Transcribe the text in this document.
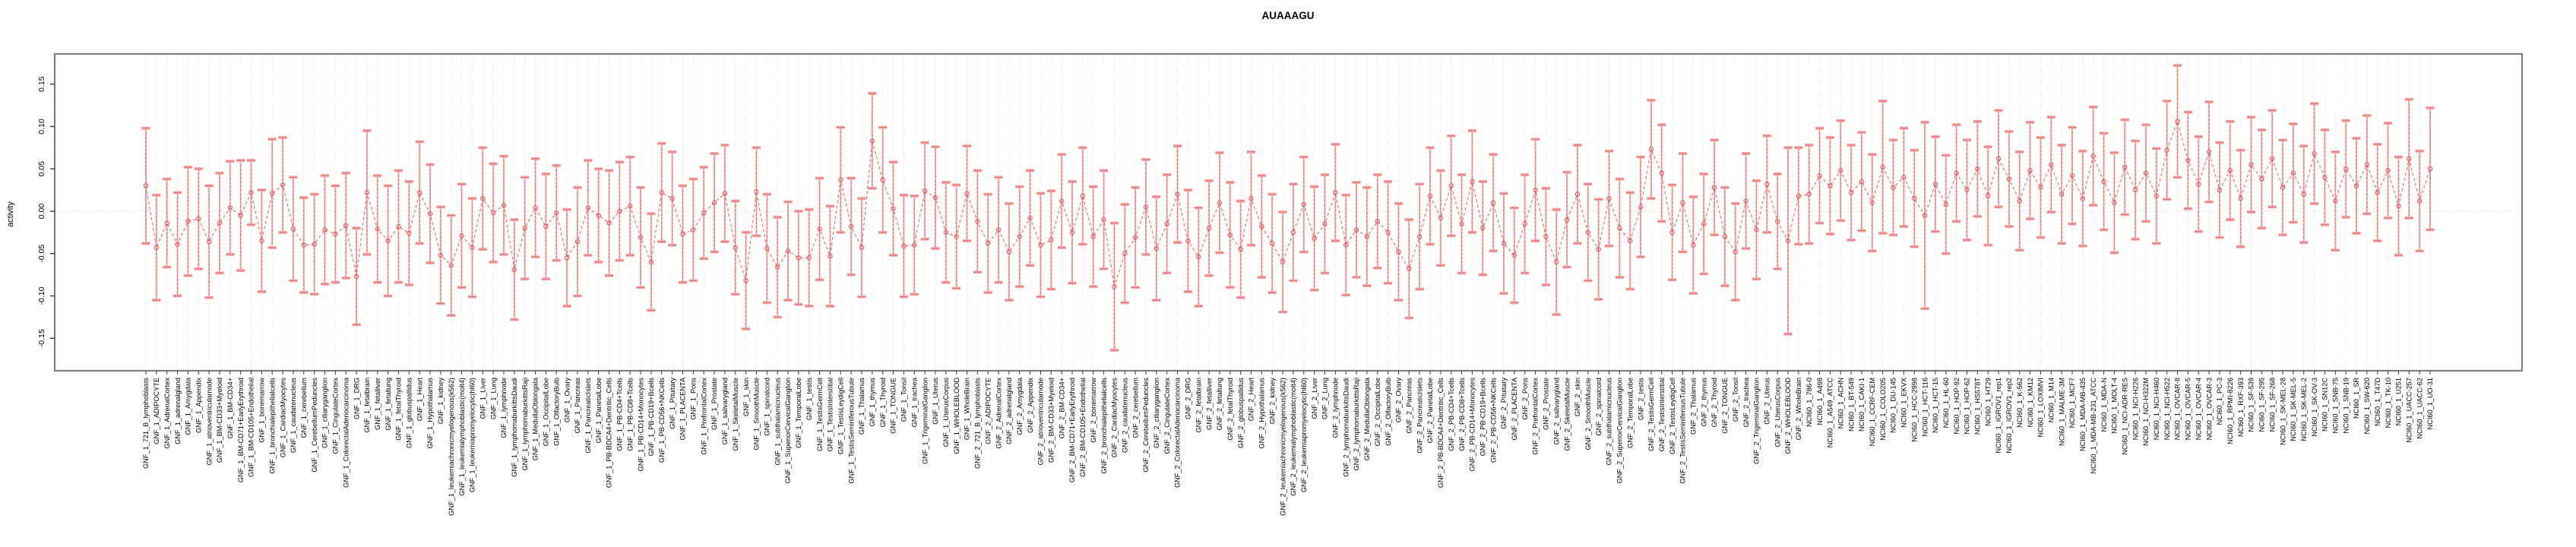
AUAAAGU
activity
-0.15
-0.10
-0.05
0.00
0.05
0.10
0.15
GNF_1_721_B_lymphoblasts GNF_1_ADIPOCYTE GNF_1_AdrenalCortex GNF_1_adrenalgland GNF_1_Amygdala GNF_1_Appendix GNF_1_atrioventricularnode GNF_1_BM-CD33+Myeloid GNF_1_BM-CD34+ GNF_1_BM-CD71+EarlyErythroid GNF_1_BM-CD105+Endothelial GNF_1_bonemarrow GNF_1_bronchialepithelialcells GNF_1_CardiacMyocytes GNF_1_caudatenucleus GNF_1_cerebellum GNF_1_CerebellumPeduncles GNF_1_ciliaryganglion GNF_1_CingulateCortex GNF_1_ColorectalAdenocarcinoma GNF_1_DRG GNF_1_fetalbrain GNF_1_fetalliver GNF_1_fetallung GNF_1_fetalThyroid GNF_1_globuspallidus GNF_1_Heart GNF_1_Hypothalamus GNF_1_kidney GNF_1_leukemiachronicmyelogenous(k562) GNF_1_leukemialymphoblastic(molt4) GNF_1_leukemiapromyelocytic(hl60) GNF_1_Liver GNF_1_Lung GNF_1_lymphnode GNF_1_lymphomaburkittsDaudi GNF_1_lymphomaburkittsRaji GNF_1_MedullaOblongata GNF_1_OccipitalLobe GNF_1_OlfactoryBulb GNF_1_Ovary GNF_1_Pancreas GNF_1_PancreaticIslets GNF_1_ParietalLobe GNF_1_PB-BDCA4+Dentritic_Cells GNF_1_PB-CD4+Tcells GNF_1_PB-CD8+Tcells GNF_1_PB-CD14+Monocytes GNF_1_PB-CD19+Bcells GNF_1_PB-CD56+NKCells GNF_1_Pituitary GNF_1_PLACENTA GNF_1_Pons GNF_1_PrefrontalCortex GNF_1_Prostate GNF_1_salivarygland GNF_1_SkeletalMuscle GNF_1_skin GNF_1_SmoothMuscle GNF_1_spinalcord GNF_1_subthalamicnucleus GNF_1_SuperiorCervicalGanglion GNF_1_TemporalLobe GNF_1_testis GNF_1_TestisGermCell GNF_1_TestisInterstitial GNF_1_TestisLeydigCell GNF_1_TestisSeminiferousTubule GNF_1_Thalamus GNF_1_thymus GNF_1_Thyroid GNF_1_TONGUE GNF_1_Tonsil GNF_1_trachea GNF_1_TrigeminalGanglion GNF_1_Uterus GNF_1_UterusCorpus GNF_1_WHOLEBLOOD GNF_1_WholeBrain GNF_2_721_B_lymphoblasts GNF_2_ADIPOCYTE GNF_2_AdrenalCortex GNF_2_adrenalgland GNF_2_Amygdala GNF_2_Appendix GNF_2_atrioventricularnode GNF_2_BM-CD33+Myeloid GNF_2_BM-CD34+ GNF_2_BM-CD71+EarlyErythroid GNF_2_BM-CD105+Endothelial GNF_2_bonemarrow GNF_2_bronchialepithelialcells GNF_2_CardiacMyocytes GNF_2_caudatenucleus GNF_2_cerebellum GNF_2_CerebellumPeduncles GNF_2_ciliaryganglion GNF_2_CingulateCortex GNF_2_ColorectalAdenocarcinoma GNF_2_DRG GNF_2_fetalbrain GNF_2_fetalliver GNF_2_fetallung GNF_2_fetalThyroid GNF_2_globuspallidus GNF_2_Heart GNF_2_Hypothalamus GNF_2_kidney GNF_2_leukemiachronicmyelogenous(k562) GNF_2_leukemialymphoblastic(molt4) GNF_2_leukemiapromyelocytic(hl60) GNF_2_Liver GNF_2_Lung GNF_2_lymphnode GNF_2_lymphomaburkittsDaudi GNF_2_lymphomaburkittsRaji GNF_2_MedullaOblongata GNF_2_OccipitalLobe GNF_2_OlfactoryBulb GNF_2_Ovary GNF_2_Pancreas GNF_2_PancreaticIslets GNF_2_ParietalLobe GNF_2_PB-BDCA4+Dentritic_Cells GNF_2_PB-CD4+Tcells GNF_2_PB-CD8+Tcells GNF_2_PB-CD14+Monocytes GNF_2_PB-CD19+Bcells GNF_2_PB-CD56+NKCells GNF_2_Pituitary GNF_2_PLACENTA GNF_2_Pons GNF_2_PrefrontalCortex GNF_2_Prostate GNF_2_salivarygland GNF_2_SkeletalMuscle GNF_2_skin GNF_2_SmoothMuscle GNF_2_spinalcord GNF_2_subthalamicnucleus GNF_2_SuperiorCervicalGanglion GNF_2_TemporalLobe GNF_2_testis GNF_2_TestisGermCell GNF_2_TestisInterstitial GNF_2_TestisLeydigCell GNF_2_TestisSeminiferousTubule GNF_2_Thalamus GNF_2_thymus GNF_2_Thyroid GNF_2_TONGUE GNF_2_Tonsil GNF_2_trachea GNF_2_TrigeminalGanglion GNF_2_Uterus GNF_2_UterusCorpus GNF_2_WHOLEBLOOD GNF_2_WholeBrain NCI60_1_786-0 NCI60_1_A498 NCI60_1_A549_ATCC NCI60_1_ACHN NCI60_1_BT-549 NCI60_1_CAKI-1 NCI60_1_CCRF-CEM NCI60_1_COLO205 NCI60_1_DU-145 NCI60_1_EKVX NCI60_1_HCC-2998 NCI60_1_HCT-116 NCI60_1_HCT-15 NCI60_1_HL-60 NCI60_1_HOP-92 NCI60_1_HOP-62 NCI60_1_HS578T NCI60_1_HT29 NCI60_1_IGROV1_rep1 NCI60_1_IGROV1_rep2 NCI60_1_K-562 NCI60_1_KM12 NCI60_1_LOXIMVI NCI60_1_M14 NCI60_1_MALME-3M NCI60_1_MCF7 NCI60_1_MDA-MB-435 NCI60_1_MDA-MB-231_ATCC NCI60_1_MDA-N NCI60_1_MOLT-4 NCI60_1_NCI-ADR-RES NCI60_1_NCI-H226 NCI60_1_NCI-H322M NCI60_1_NCI-H460 NCI60_1_NCI-H522 NCI60_1_OVCAR-8 NCI60_1_OVCAR-5 NCI60_1_OVCAR-4 NCI60_1_OVCAR-3 NCI60_1_PC-3 NCI60_1_RPMI-8226 NCI60_1_RXF-393 NCI60_1_SF-539 NCI60_1_SF-295 NCI60_1_SF-268 NCI60_1_SK-MEL-28 NCI60_1_SK-MEL-5 NCI60_1_SK-MEL-2 NCI60_1_SK-OV-3 NCI60_1_SN12C NCI60_1_SNB-75 NCI60_1_SNB-19 NCI60_1_SR NCI60_1_SW-620 NCI60_1_T47D NCI60_1_TK-10 NCI60_1_U251 NCI60_1_UACC-257 NCI60_1_UACC-62 NCI60_1_UO-31
